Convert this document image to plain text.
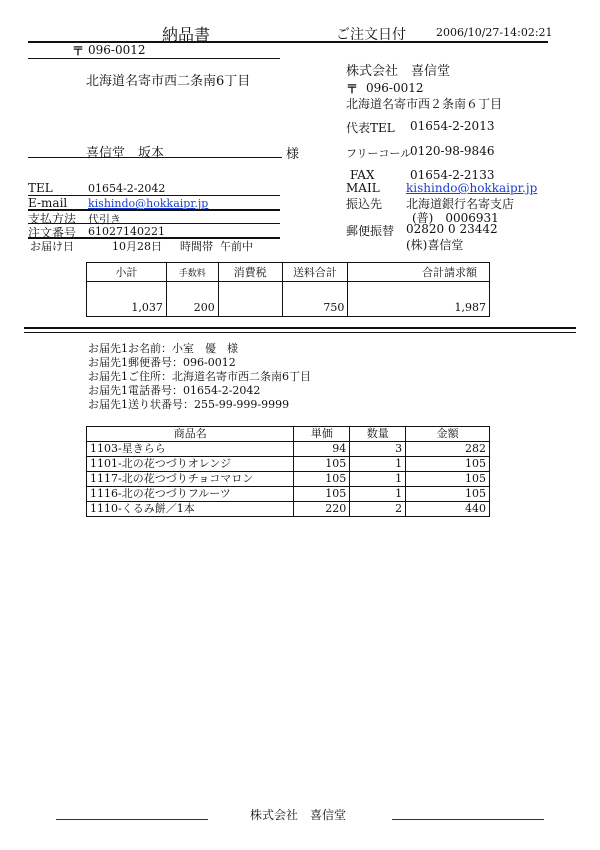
納品書	ご注文日付	2006/10/27-14:02:21
〒 096-0012
北海道名寄市西二条南6丁目
喜信堂　坂本	様
株式会社　喜信堂
〒 096-0012
北海道名寄市西２条南６丁目
代表TEL 01654-2-2013
フリーコール
0120-98-9846
FAX	01654-2-2133
MAIL kishindo@hokkaipr.jp
振込先 北海道銀行名寄支店
(普)　0006931
郵便振替 02820 0 23442
(株)喜信堂
TEL	01654-2-2042
E-mail kishindo@hokkaipr.jp
支払方法 代引き
注文番号 61027140221
お届け日	10月28日 時間帯 午前中
小計	手数料	消費税	送料合計	合計請求額
1,037	200		750	1,987
お届先1お名前：小室　優　様
お届先1郵便番号：096-0012
お届先1ご住所：北海道名寄市西二条南6丁目
お届先1電話番号：01654-2-2042
お届先1送り状番号：255-99-999-9999
商品名	単価	数量	金額
1103-星きらら	94	3	282
1101-北の花つづりオレンジ	105	1	105
1117-北の花つづりチョコマロン	105	1	105
1116-北の花つづりフルーツ	105	1	105
1110-くるみ餅／1本	220	2	440
株式会社　喜信堂
